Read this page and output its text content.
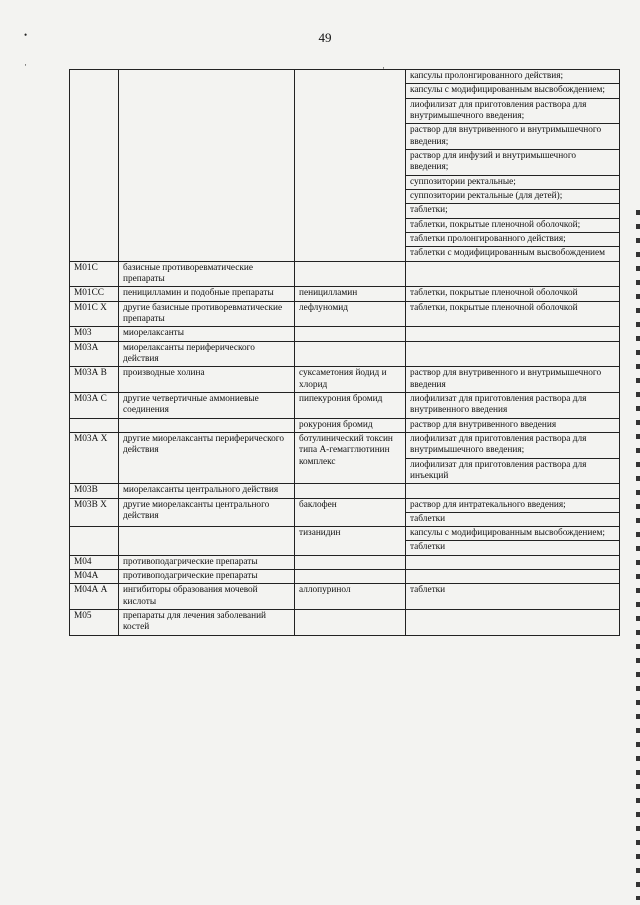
49
•
·	·
			капсулы пролонгированного действия;
			капсулы с модифицированным высвобождением;
			лиофилизат для приготовления раствора для внутримышечного введения;
			раствор для внутривенного и внутримышечного введения;
			раствор для инфузий и внутримышечного введения;
			суппозитории ректальные;
			суппозитории ректальные (для детей);
			таблетки;
			таблетки, покрытые пленочной оболочкой;
			таблетки пролонгированного действия;
			таблетки с модифицированным высвобождением
М01С	базисные противоревматические препараты		
М01СС	пеницилламин и подобные препараты	пеницилламин	таблетки, покрытые пленочной оболочкой
М01С Х	другие базисные противоревматические препараты	лефлуномид	таблетки, покрытые пленочной оболочкой
М03	миорелаксанты		
М03А	миорелаксанты периферического действия		
М03А В	производные холина	суксаметония йодид и хлорид	раствор для внутривенного и внутримышечного введения
М03А С	другие четвертичные аммониевые соединения	пипекурония бромид	лиофилизат для приготовления раствора для внутривенного введения
		рокурония бромид	раствор для внутривенного введения
М03А Х	другие миорелаксанты периферического действия	ботулинический токсин типа А-гемагглютинин комплекс	лиофилизат для приготовления раствора для внутримышечного введения;
			лиофилизат для приготовления раствора для инъекций
М03В	миорелаксанты центрального действия		
М03В Х	другие миорелаксанты центрального действия	баклофен	раствор для интратекального введения;
			таблетки
		тизанидин	капсулы с модифицированным высвобождением;
			таблетки
М04	противоподагрические препараты		
М04А	противоподагрические препараты		
М04А А	ингибиторы образования мочевой кислоты	аллопуринол	таблетки
М05	препараты для лечения заболеваний костей		
